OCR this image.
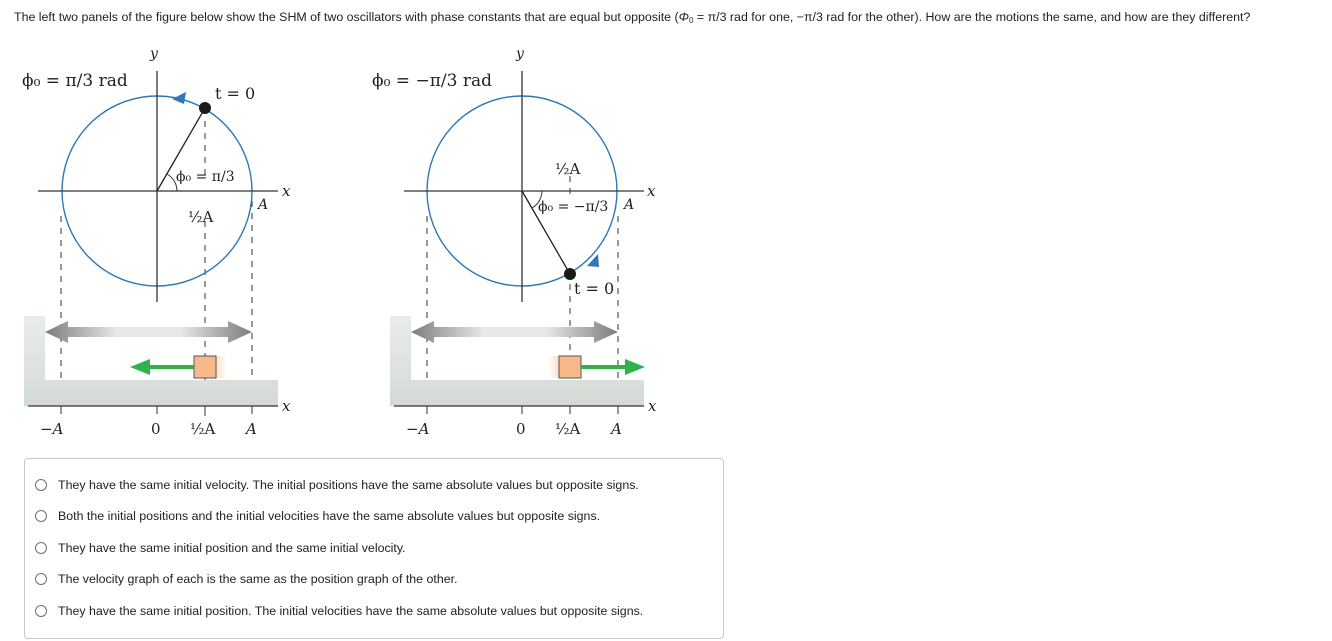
The left two panels of the figure below show the SHM of two oscillators with phase constants that are equal but opposite ($\Phi_0 = \pi/3$ rad for one, −π/3 rad for the other). How are the motions the same, and how are they different?
ϕ₀ = π/3 rad
y
t = 0
ϕ₀ = π/3
½A
A
x
x
−A	0 ½A A
ϕ₀ = −π/3 rad
y
½A
ϕ₀ = −π/3 A
x
t = 0
x
−A	0 ½A A
They have the same initial velocity. The initial positions have the same absolute values but opposite signs.
Both the initial positions and the initial velocities have the same absolute values but opposite signs.
They have the same initial position and the same initial velocity.
The velocity graph of each is the same as the position graph of the other.
They have the same initial position. The initial velocities have the same absolute values but opposite signs.
